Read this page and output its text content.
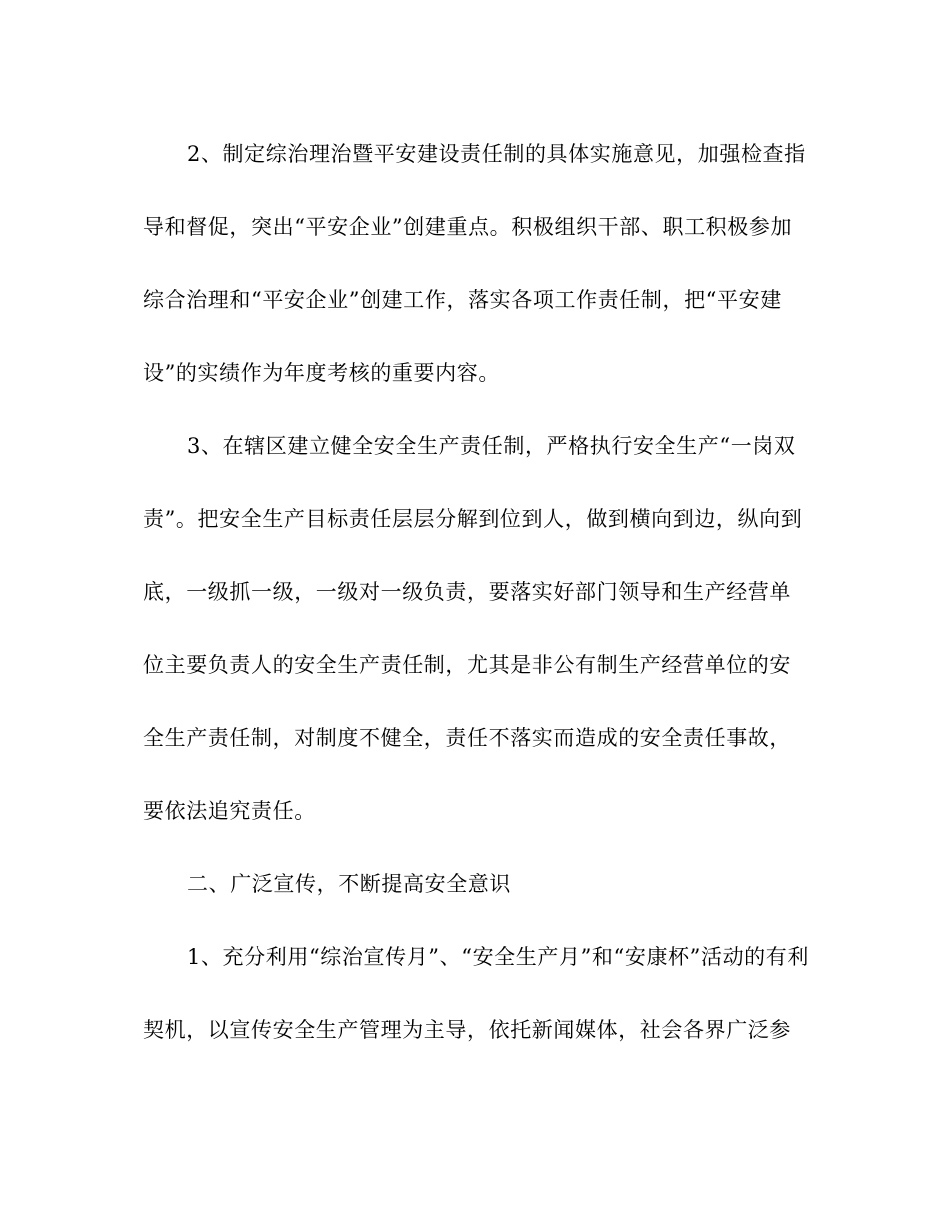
2、制定综治理治暨平安建设责任制的具体实施意见，加强检查指
导和督促，突出“平安企业”创建重点。积极组织干部、职工积极参加
综合治理和“平安企业”创建工作，落实各项工作责任制，把“平安建
设”的实绩作为年度考核的重要内容。
3、在辖区建立健全安全生产责任制，严格执行安全生产“一岗双
责”。把安全生产目标责任层层分解到位到人，做到横向到边，纵向到
底，一级抓一级，一级对一级负责，要落实好部门领导和生产经营单
位主要负责人的安全生产责任制，尤其是非公有制生产经营单位的安
全生产责任制，对制度不健全，责任不落实而造成的安全责任事故，
要依法追究责任。
二、广泛宣传，不断提高安全意识
1、充分利用“综治宣传月”、“安全生产月”和“安康杯”活动的有利
契机，以宣传安全生产管理为主导，依托新闻媒体，社会各界广泛参
